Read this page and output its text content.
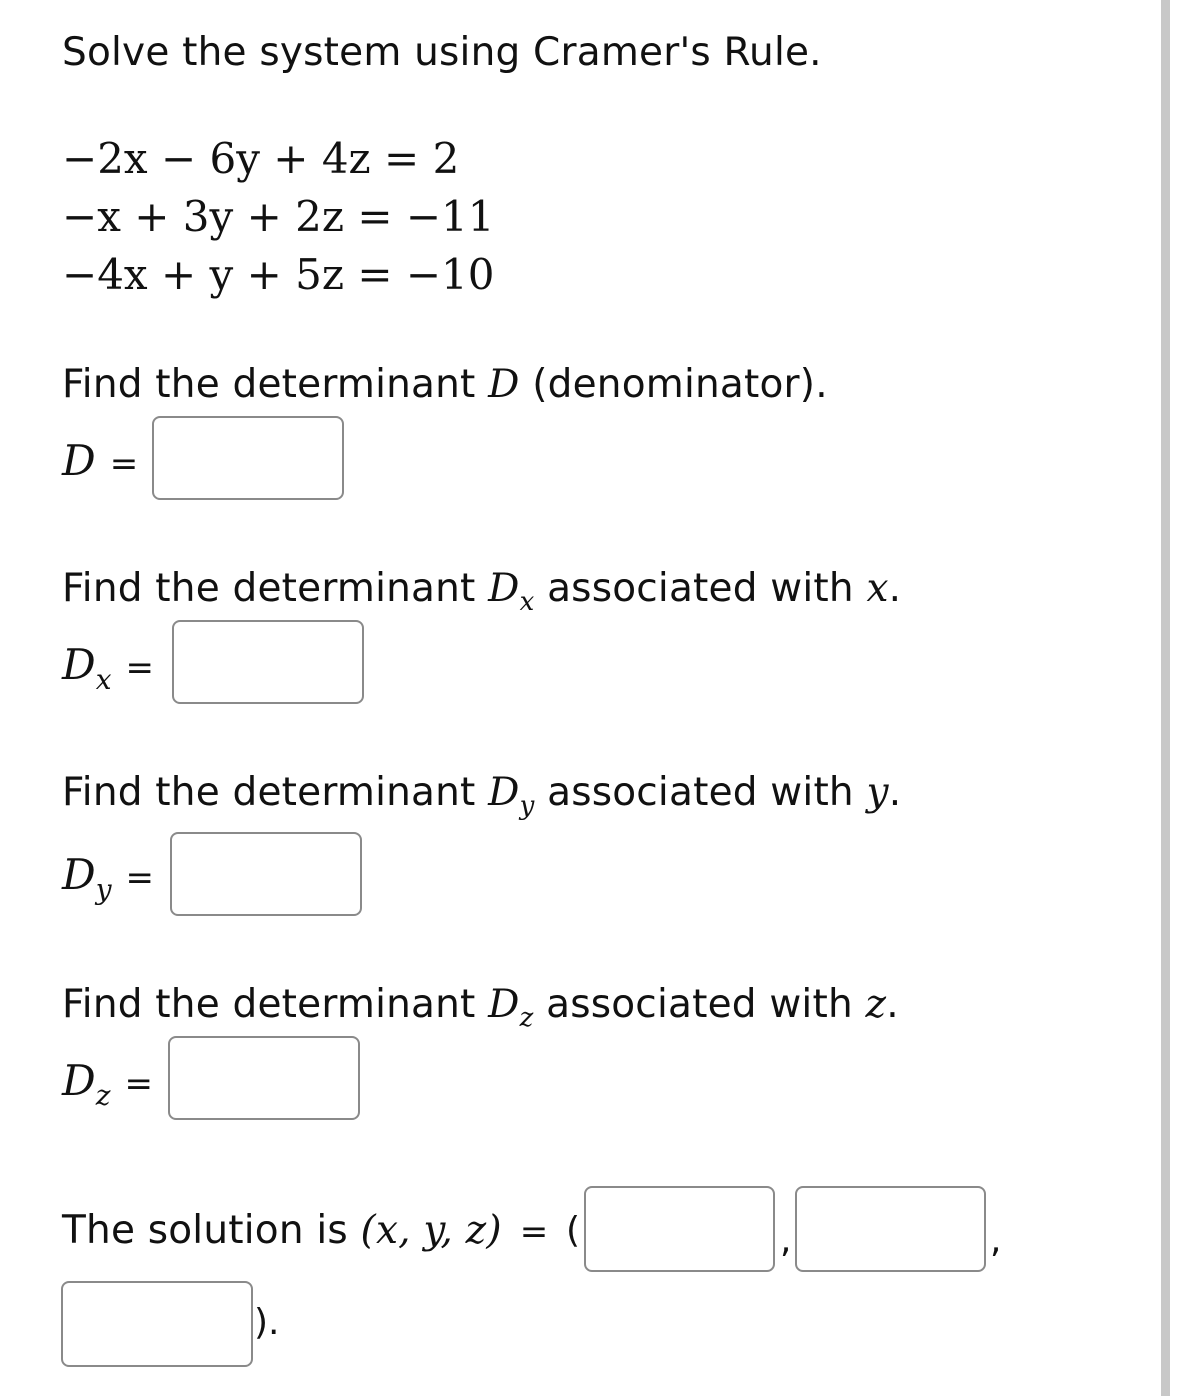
Solve the system using Cramer's Rule.
−2x − 6y + 4z = 2
−x + 3y + 2z = −11
−4x + y + 5z = −10
Find the determinant D (denominator).
D =
Find the determinant $D_x$ associated with x.
$D_x$ =
Find the determinant $D_y$ associated with y.
$D_y$ =
Find the determinant $D_z$ associated with z.
$D_z$ =
The solution is (x, y, z) = (	,	,
).
